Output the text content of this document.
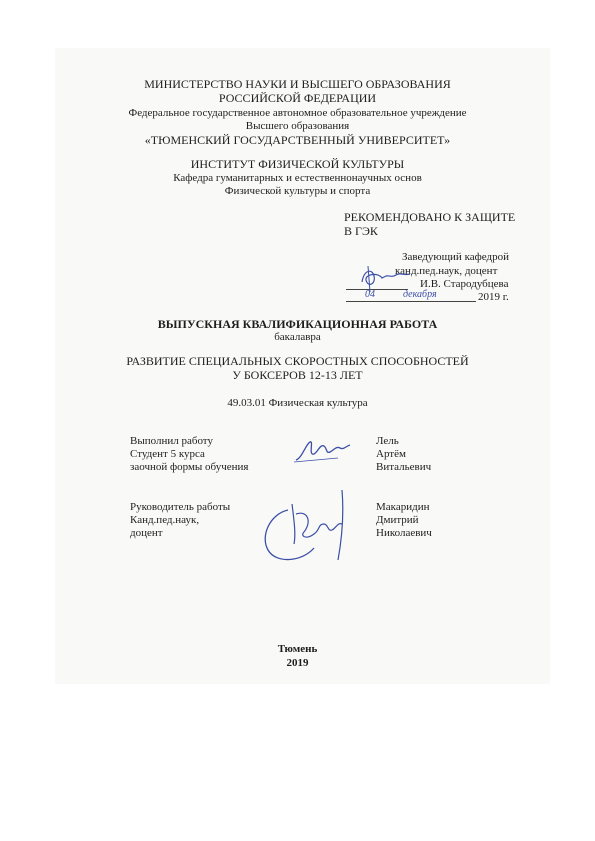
МИНИСТЕРСТВО НАУКИ И ВЫСШЕГО ОБРАЗОВАНИЯ
РОССИЙСКОЙ ФЕДЕРАЦИИ
Федеральное государственное автономное образовательное учреждение
Высшего образования
«ТЮМЕНСКИЙ ГОСУДАРСТВЕННЫЙ УНИВЕРСИТЕТ»
ИНСТИТУТ ФИЗИЧЕСКОЙ КУЛЬТУРЫ
Кафедра гуманитарных и естественнонаучных основ
Физической культуры и спорта
РЕКОМЕНДОВАНО К ЗАЩИТЕ
В ГЭК
Заведующий кафедрой
канд.пед.наук, доцент
И.В. Стародубцева
04	декабря	2019 г.
ВЫПУСКНАЯ КВАЛИФИКАЦИОННАЯ РАБОТА
бакалавра
РАЗВИТИЕ СПЕЦИАЛЬНЫХ СКОРОСТНЫХ СПОСОБНОСТЕЙ
У БОКСЕРОВ 12-13 ЛЕТ
49.03.01 Физическая культура
Выполнил работу
Студент 5 курса
заочной формы обучения
Лель
Артём
Витальевич
Руководитель работы
Канд.пед.наук,
доцент
Макаридин
Дмитрий
Николаевич
Тюмень
2019
